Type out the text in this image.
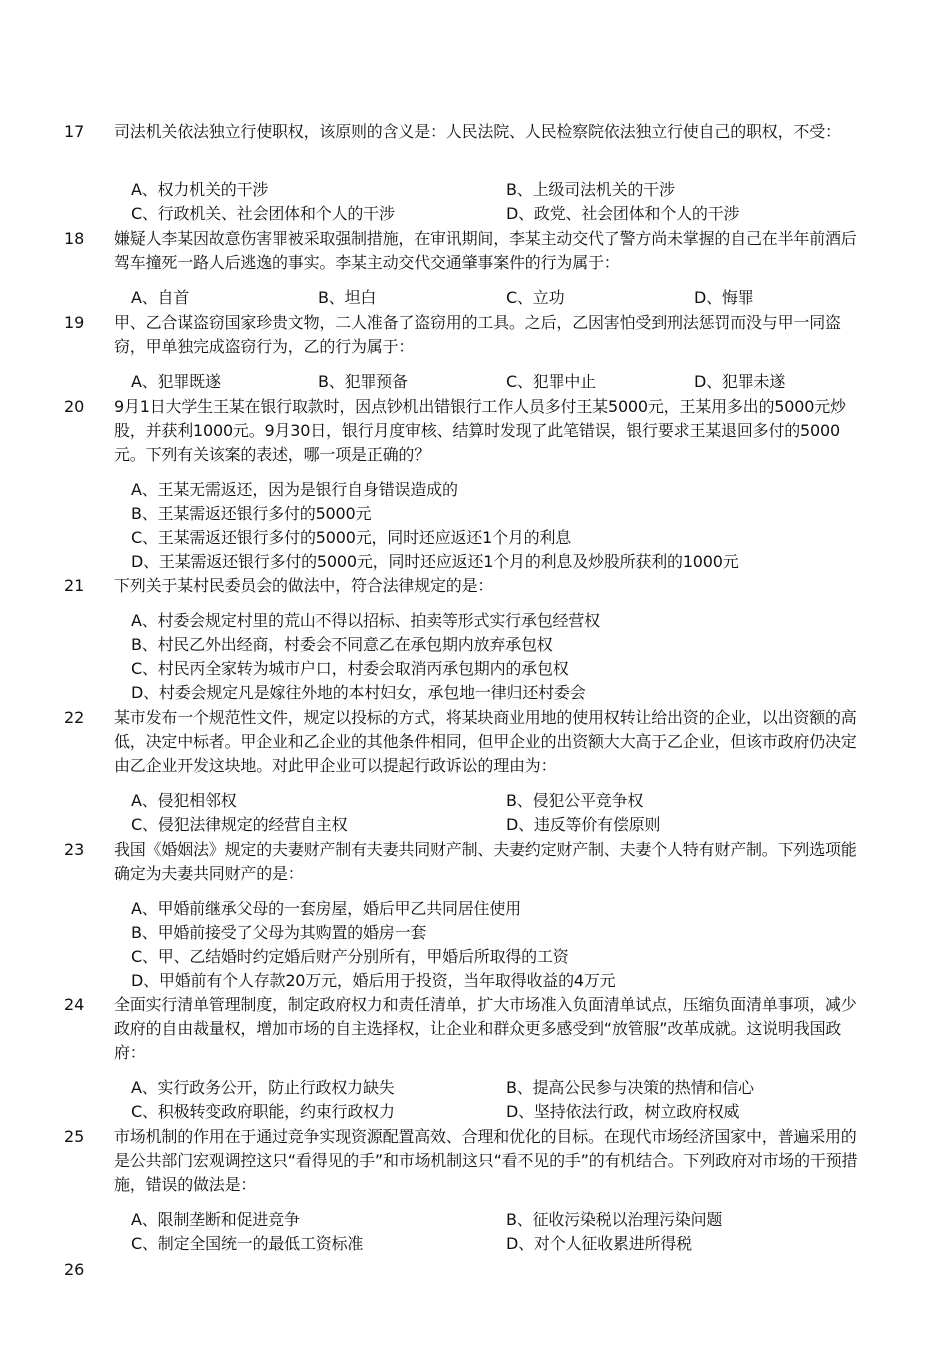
17 司法机关依法独立行使职权，该原则的含义是：人民法院、人民检察院依法独立行使自己的职权，不受：
A、权力机关的干涉	B、上级司法机关的干涉
C、行政机关、社会团体和个人的干涉	D、政党、社会团体和个人的干涉
18 嫌疑人李某因故意伤害罪被采取强制措施，在审讯期间，李某主动交代了警方尚未掌握的自己在半年前酒后驾车撞死一路人后逃逸的事实。李某主动交代交通肇事案件的行为属于：
A、自首	B、坦白	C、立功	D、悔罪
19 甲、乙合谋盗窃国家珍贵文物，二人准备了盗窃用的工具。之后，乙因害怕受到刑法惩罚而没与甲一同盗窃，甲单独完成盗窃行为，乙的行为属于：
A、犯罪既遂	B、犯罪预备	C、犯罪中止	D、犯罪未遂
20 9月1日大学生王某在银行取款时，因点钞机出错银行工作人员多付王某5000元，王某用多出的5000元炒股，并获利1000元。9月30日，银行月度审核、结算时发现了此笔错误，银行要求王某退回多付的5000元。下列有关该案的表述，哪一项是正确的？
A、王某无需返还，因为是银行自身错误造成的
B、王某需返还银行多付的5000元
C、王某需返还银行多付的5000元，同时还应返还1个月的利息
D、王某需返还银行多付的5000元，同时还应返还1个月的利息及炒股所获利的1000元
21 下列关于某村民委员会的做法中，符合法律规定的是：
A、村委会规定村里的荒山不得以招标、拍卖等形式实行承包经营权
B、村民乙外出经商，村委会不同意乙在承包期内放弃承包权
C、村民丙全家转为城市户口，村委会取消丙承包期内的承包权
D、村委会规定凡是嫁往外地的本村妇女，承包地一律归还村委会
22 某市发布一个规范性文件，规定以投标的方式，将某块商业用地的使用权转让给出资的企业，以出资额的高低，决定中标者。甲企业和乙企业的其他条件相同，但甲企业的出资额大大高于乙企业，但该市政府仍决定由乙企业开发这块地。对此甲企业可以提起行政诉讼的理由为：
A、侵犯相邻权	B、侵犯公平竞争权
C、侵犯法律规定的经营自主权	D、违反等价有偿原则
23 我国《婚姻法》规定的夫妻财产制有夫妻共同财产制、夫妻约定财产制、夫妻个人特有财产制。下列选项能确定为夫妻共同财产的是：
A、甲婚前继承父母的一套房屋，婚后甲乙共同居住使用
B、甲婚前接受了父母为其购置的婚房一套
C、甲、乙结婚时约定婚后财产分别所有，甲婚后所取得的工资
D、甲婚前有个人存款20万元，婚后用于投资，当年取得收益的4万元
24 全面实行清单管理制度，制定政府权力和责任清单，扩大市场准入负面清单试点，压缩负面清单事项，减少政府的自由裁量权，增加市场的自主选择权，让企业和群众更多感受到“放管服”改革成就。这说明我国政府：
A、实行政务公开，防止行政权力缺失	B、提高公民参与决策的热情和信心
C、积极转变政府职能，约束行政权力	D、坚持依法行政，树立政府权威
25 市场机制的作用在于通过竞争实现资源配置高效、合理和优化的目标。在现代市场经济国家中，普遍采用的是公共部门宏观调控这只“看得见的手”和市场机制这只“看不见的手”的有机结合。下列政府对市场的干预措施，错误的做法是：
A、限制垄断和促进竞争	B、征收污染税以治理污染问题
C、制定全国统一的最低工资标准	D、对个人征收累进所得税
26
